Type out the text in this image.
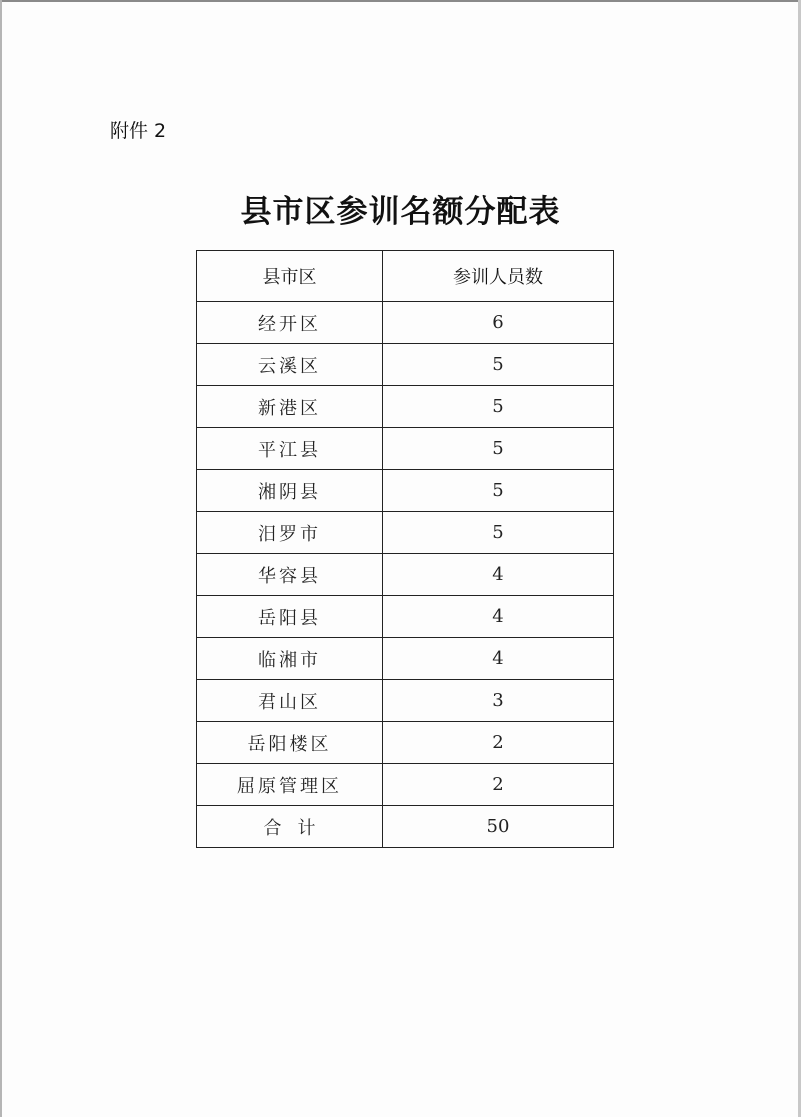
附件 2
县市区参训名额分配表
县市区	参训人员数
经开区	6
云溪区	5
新港区	5
平江县	5
湘阴县	5
汨罗市	5
华容县	4
岳阳县	4
临湘市	4
君山区	3
岳阳楼区	2
屈原管理区	2
合计	50
